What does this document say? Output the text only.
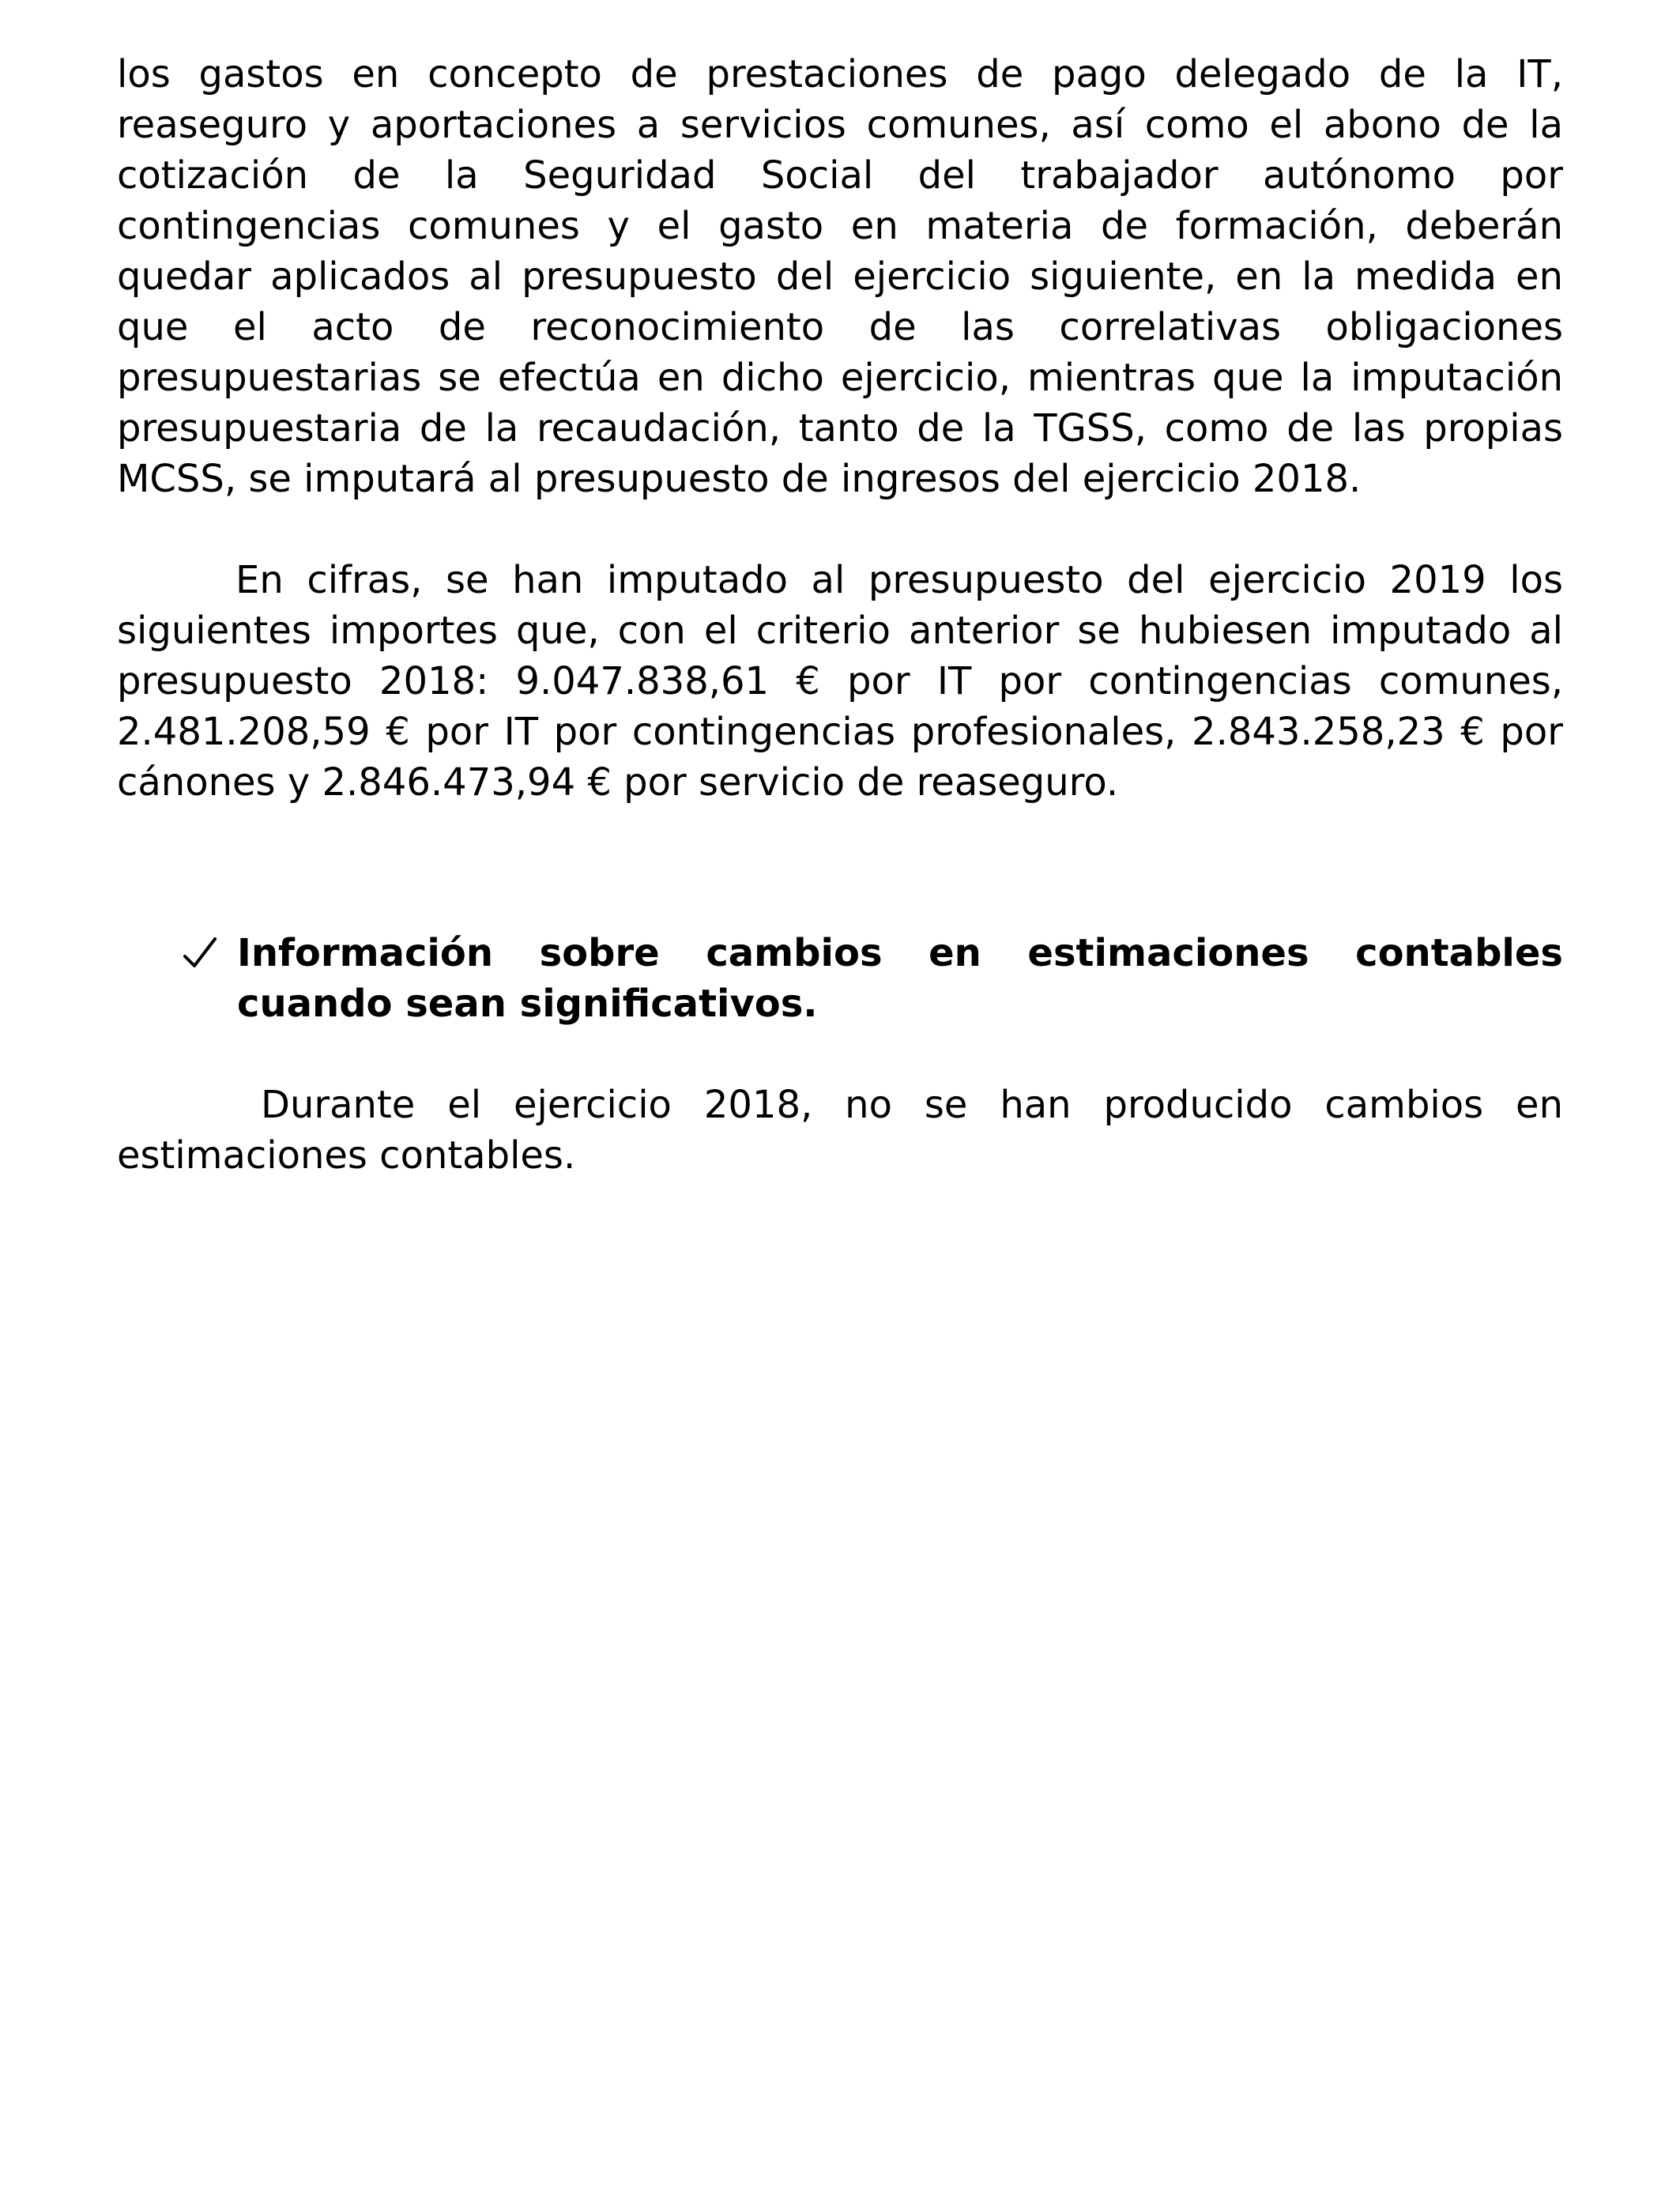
los gastos en concepto de prestaciones de pago delegado de la IT, reaseguro y aportaciones a servicios comunes, así como el abono de la cotización de la Seguridad Social del trabajador autónomo por contingencias comunes y el gasto en materia de formación, deberán quedar aplicados al presupuesto del ejercicio siguiente, en la medida en que el acto de reconocimiento de las correlativas obligaciones presupuestarias se efectúa en dicho ejercicio, mientras que la imputación presupuestaria de la recaudación, tanto de la TGSS, como de las propias MCSS, se imputará al presupuesto de ingresos del ejercicio 2018.

En cifras, se han imputado al presupuesto del ejercicio 2019 los siguientes importes que, con el criterio anterior se hubiesen imputado al presupuesto 2018: 9.047.838,61 € por IT por contingencias comunes, 2.481.208,59 € por IT por contingencias profesionales, 2.843.258,23 € por cánones y 2.846.473,94 € por servicio de reaseguro.

Información sobre cambios en estimaciones contables cuando sean significativos.

Durante el ejercicio 2018, no se han producido cambios en estimaciones contables.
